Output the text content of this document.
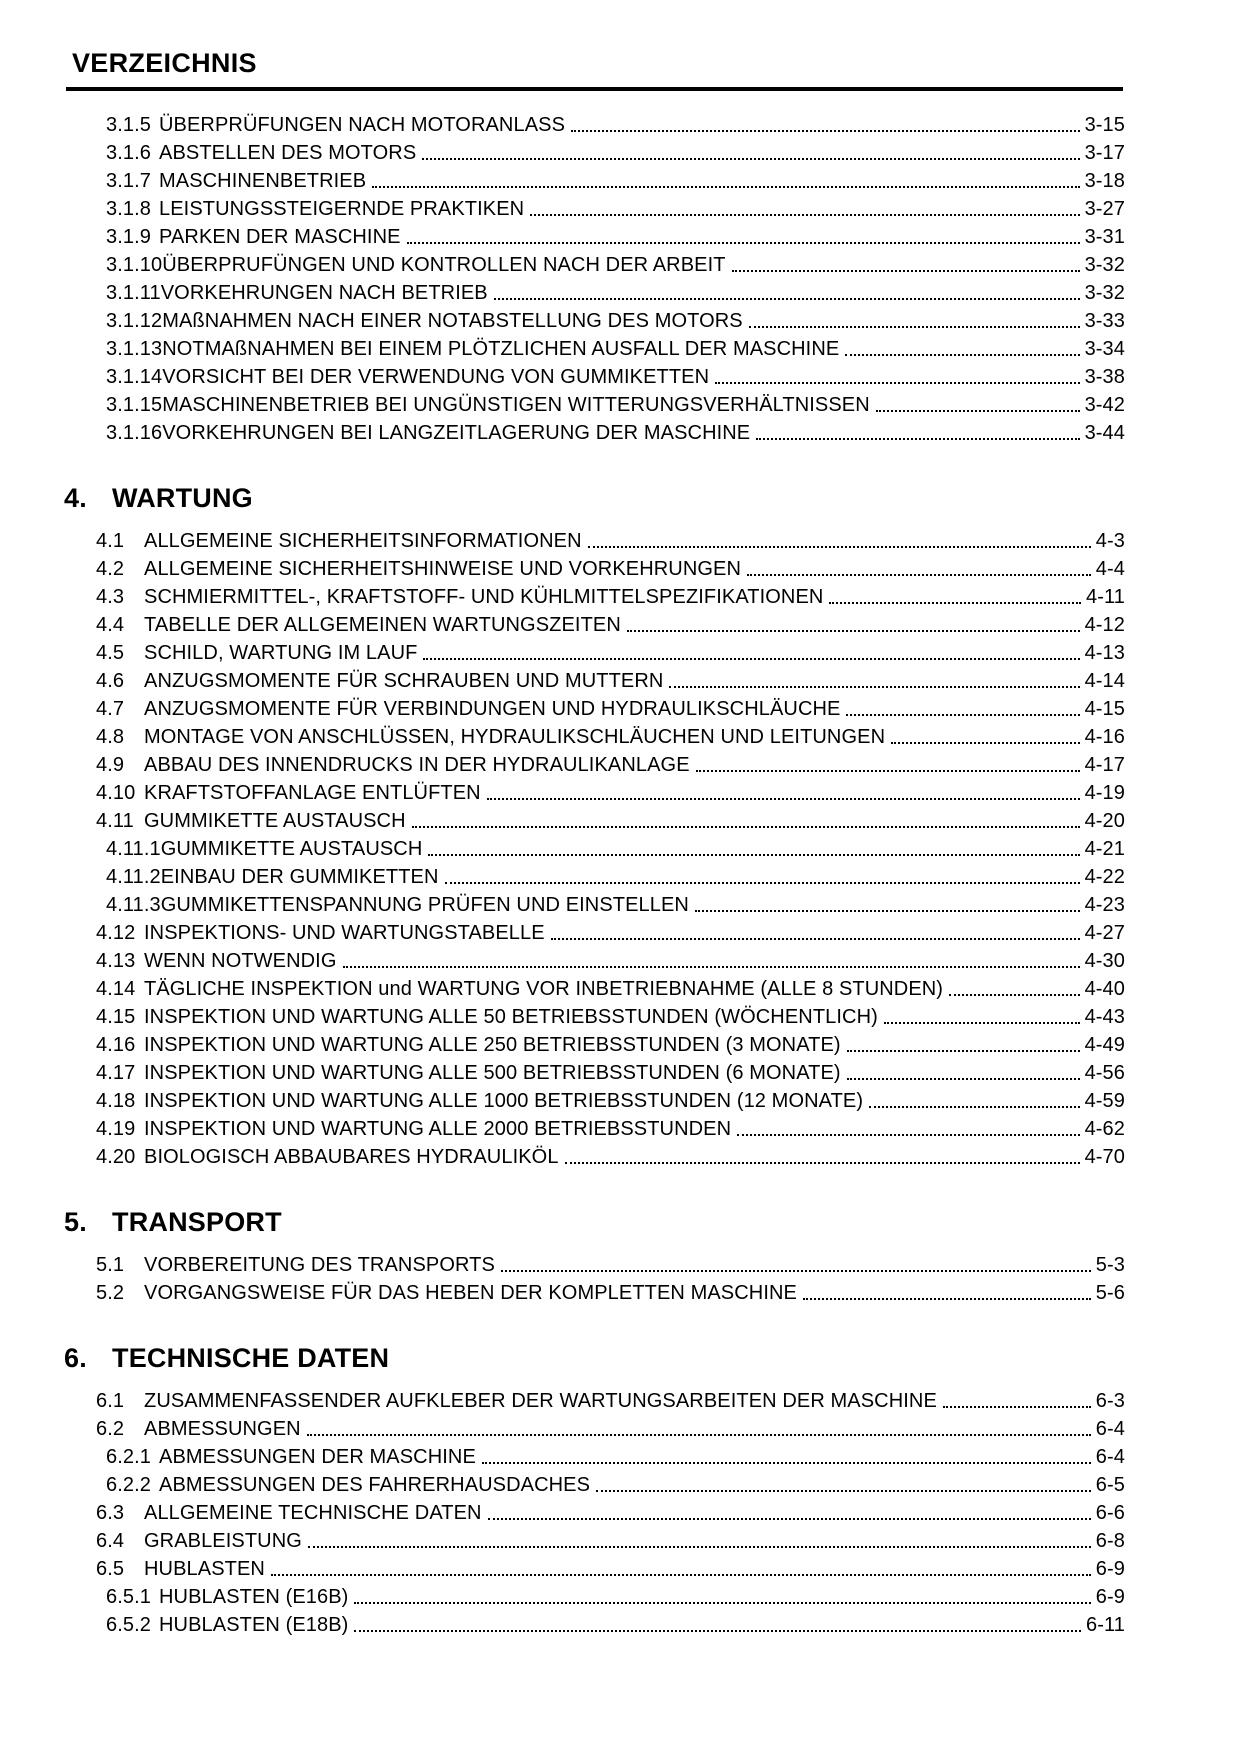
VERZEICHNIS
3.1.5 ÜBERPRÜFUNGEN NACH MOTORANLASS	3-15
3.1.6 ABSTELLEN DES MOTORS	3-17
3.1.7 MASCHINENBETRIEB	3-18
3.1.8 LEISTUNGSSTEIGERNDE PRAKTIKEN	3-27
3.1.9 PARKEN DER MASCHINE	3-31
3.1.10 ÜBERPRUFÜNGEN UND KONTROLLEN NACH DER ARBEIT	3-32
3.1.11 VORKEHRUNGEN NACH BETRIEB	3-32
3.1.12 MAßNAHMEN NACH EINER NOTABSTELLUNG DES MOTORS	3-33
3.1.13 NOTMAßNAHMEN BEI EINEM PLÖTZLICHEN AUSFALL DER MASCHINE	3-34
3.1.14 VORSICHT BEI DER VERWENDUNG VON GUMMIKETTEN	3-38
3.1.15 MASCHINENBETRIEB BEI UNGÜNSTIGEN WITTERUNGSVERHÄLTNISSEN	3-42
3.1.16 VORKEHRUNGEN BEI LANGZEITLAGERUNG DER MASCHINE	3-44
4. WARTUNG
4.1 ALLGEMEINE SICHERHEITSINFORMATIONEN	4-3
4.2 ALLGEMEINE SICHERHEITSHINWEISE UND VORKEHRUNGEN	4-4
4.3 SCHMIERMITTEL-, KRAFTSTOFF- UND KÜHLMITTELSPEZIFIKATIONEN	4-11
4.4 TABELLE DER ALLGEMEINEN WARTUNGSZEITEN	4-12
4.5 SCHILD, WARTUNG IM LAUF	4-13
4.6 ANZUGSMOMENTE FÜR SCHRAUBEN UND MUTTERN	4-14
4.7 ANZUGSMOMENTE FÜR VERBINDUNGEN UND HYDRAULIKSCHLÄUCHE	4-15
4.8 MONTAGE VON ANSCHLÜSSEN, HYDRAULIKSCHLÄUCHEN UND LEITUNGEN	4-16
4.9 ABBAU DES INNENDRUCKS IN DER HYDRAULIKANLAGE	4-17
4.10 KRAFTSTOFFANLAGE ENTLÜFTEN	4-19
4.11 GUMMIKETTE AUSTAUSCH	4-20
4.11.1 GUMMIKETTE AUSTAUSCH	4-21
4.11.2 EINBAU DER GUMMIKETTEN	4-22
4.11.3 GUMMIKETTENSPANNUNG PRÜFEN UND EINSTELLEN	4-23
4.12 INSPEKTIONS- UND WARTUNGSTABELLE	4-27
4.13 WENN NOTWENDIG	4-30
4.14 TÄGLICHE INSPEKTION und WARTUNG VOR INBETRIEBNAHME (ALLE 8 STUNDEN)	4-40
4.15 INSPEKTION UND WARTUNG ALLE 50 BETRIEBSSTUNDEN (WÖCHENTLICH)	4-43
4.16 INSPEKTION UND WARTUNG ALLE 250 BETRIEBSSTUNDEN (3 MONATE)	4-49
4.17 INSPEKTION UND WARTUNG ALLE 500 BETRIEBSSTUNDEN (6 MONATE)	4-56
4.18 INSPEKTION UND WARTUNG ALLE 1000 BETRIEBSSTUNDEN (12 MONATE)	4-59
4.19 INSPEKTION UND WARTUNG ALLE 2000 BETRIEBSSTUNDEN	4-62
4.20 BIOLOGISCH ABBAUBARES HYDRAULIKÖL	4-70
5. TRANSPORT
5.1 VORBEREITUNG DES TRANSPORTS	5-3
5.2 VORGANGSWEISE FÜR DAS HEBEN DER KOMPLETTEN MASCHINE	5-6
6. TECHNISCHE DATEN
6.1 ZUSAMMENFASSENDER AUFKLEBER DER WARTUNGSARBEITEN DER MASCHINE	6-3
6.2 ABMESSUNGEN	6-4
6.2.1 ABMESSUNGEN DER MASCHINE	6-4
6.2.2 ABMESSUNGEN DES FAHRERHAUSDACHES	6-5
6.3 ALLGEMEINE TECHNISCHE DATEN	6-6
6.4 GRABLEISTUNG	6-8
6.5 HUBLASTEN	6-9
6.5.1 HUBLASTEN (E16B)	6-9
6.5.2 HUBLASTEN (E18B)	6-11
